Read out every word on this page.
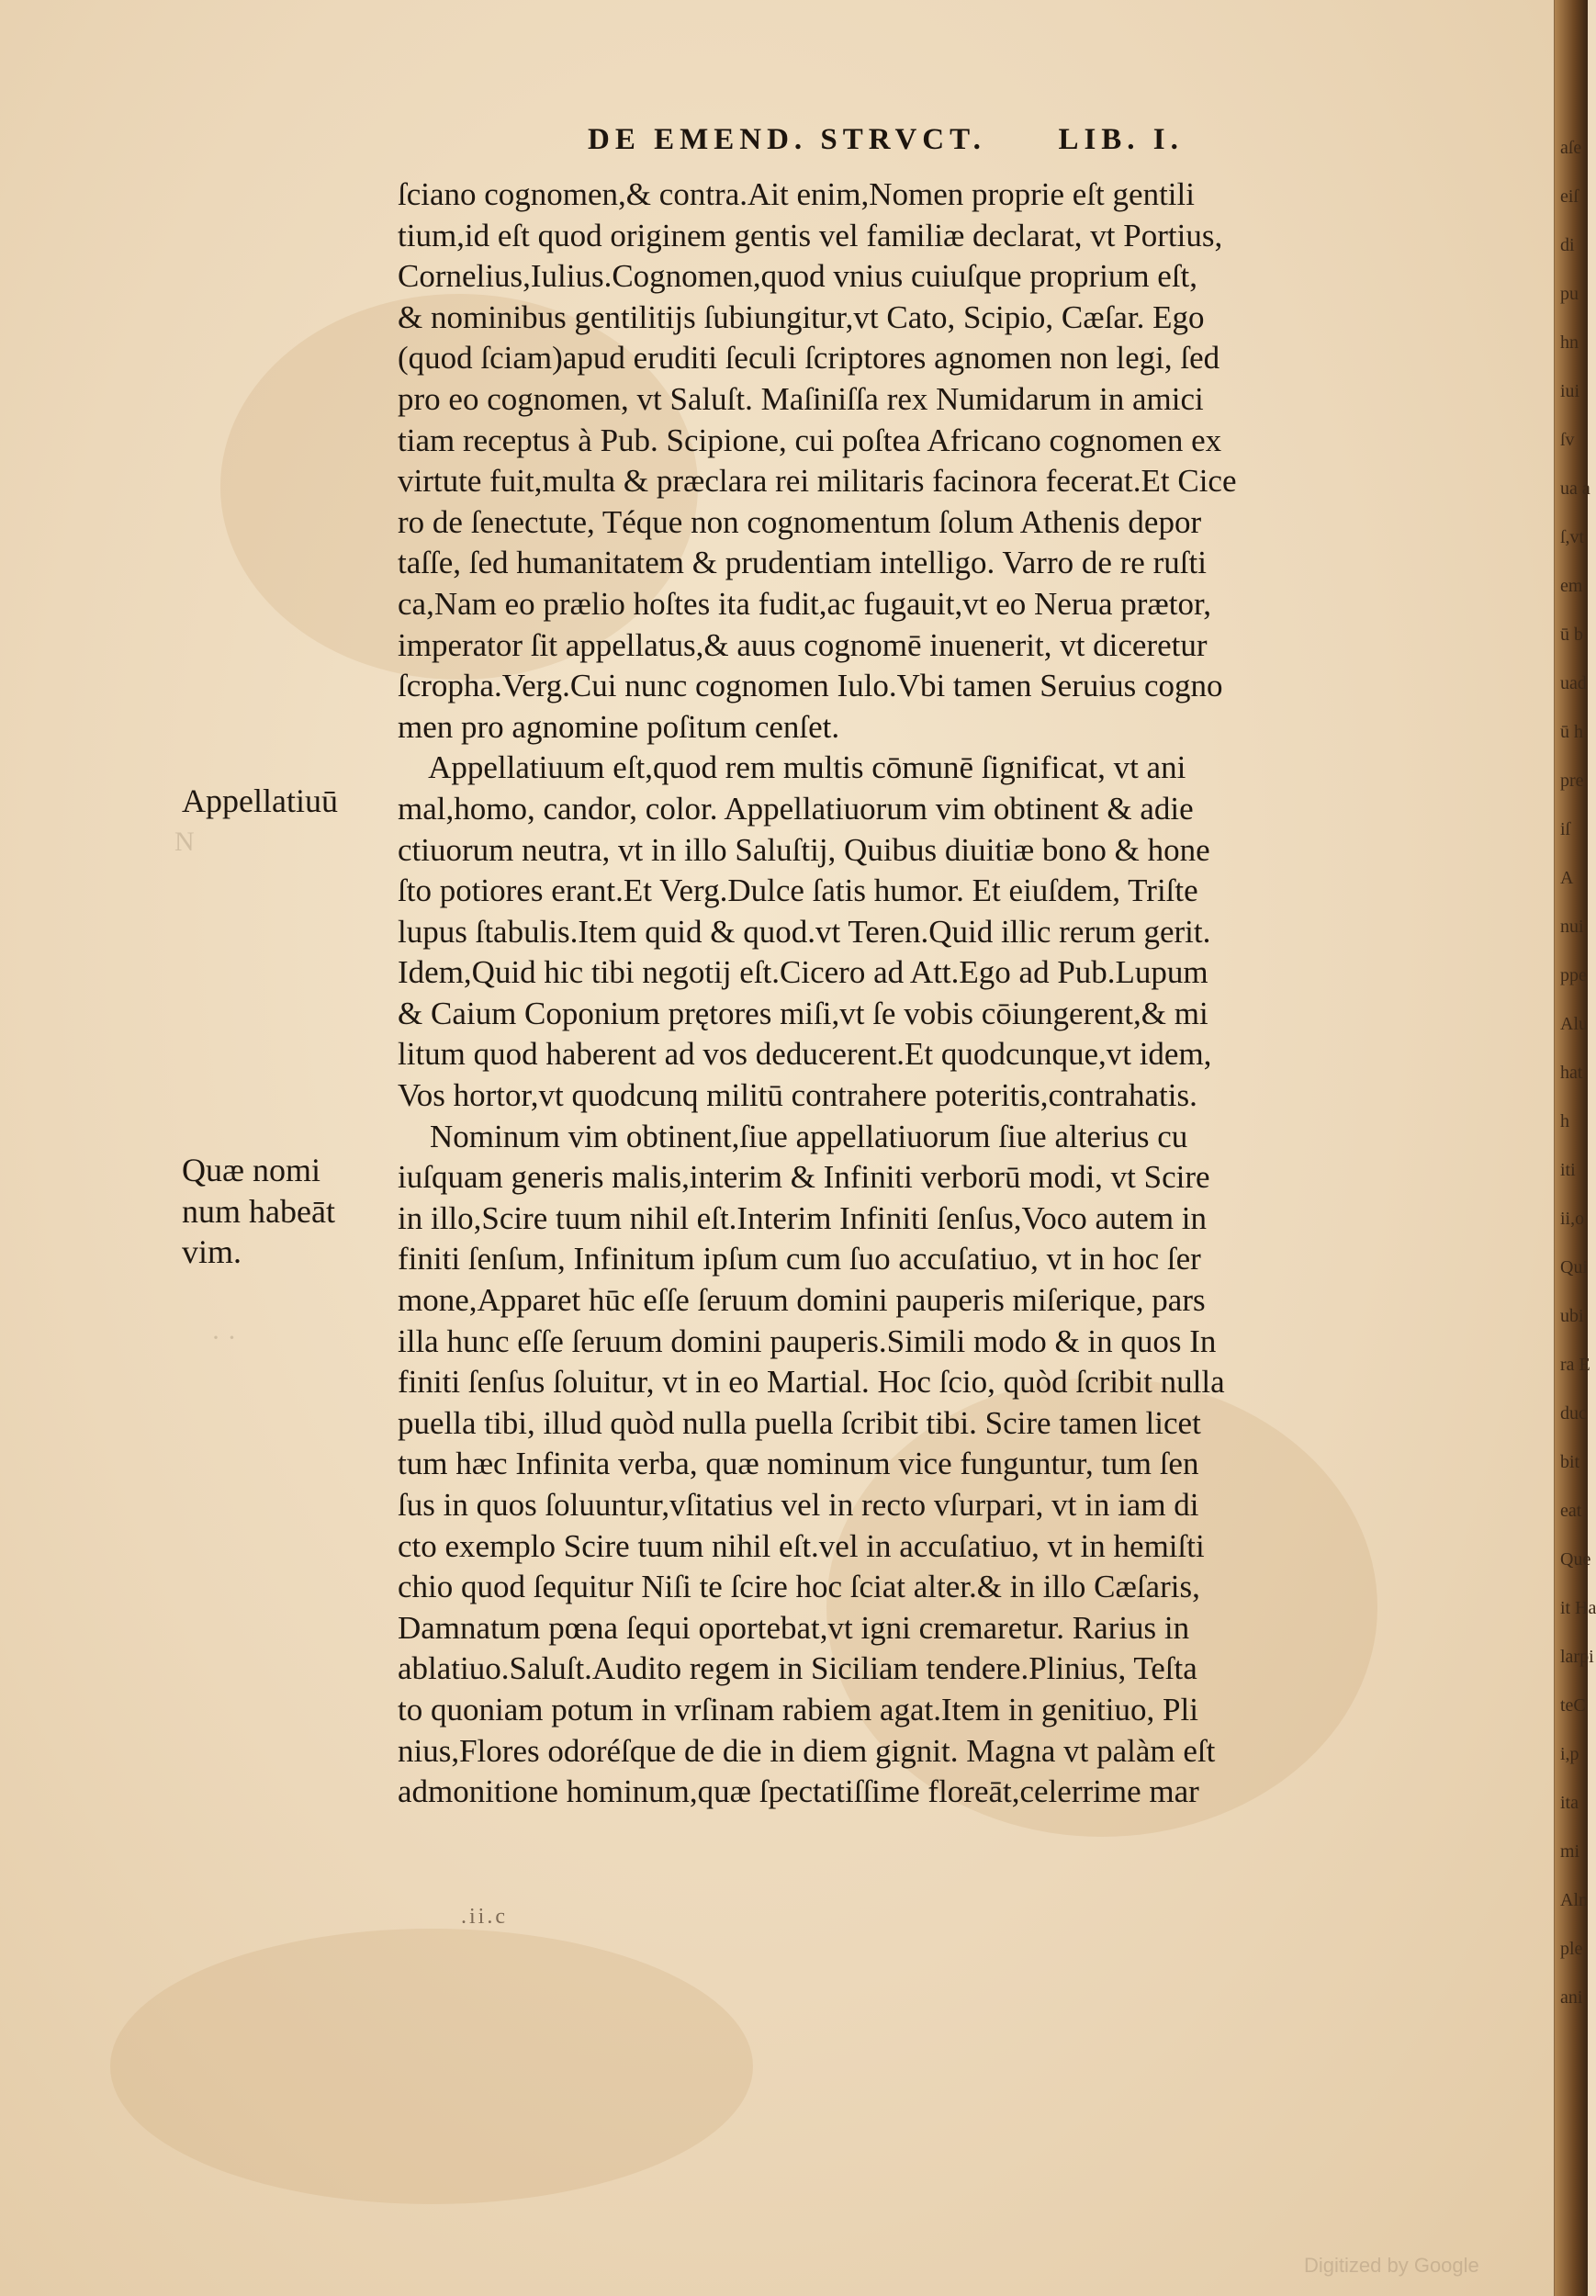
aſe
eiſ
di
pu
hn
iui
ſv
ua a
ſ,vt
em
ū b
uad
ū h
pre
iſ
A
nui
ppe
Alu
hat
h
iti
ii,o
Qui
ubi
ra E
duc
bit
eat
Que
it Ha
larpi
teC
i,p
ita
mi
Aln
ple
ani
N
· ·
DE EMEND. STRVCT. LIB. I.
ſciano cognomen,& contra.Ait enim,Nomen proprie eſt gentili
tium,id eſt quod originem gentis vel familiæ declarat, vt Portius,
Cornelius,Iulius.Cognomen,quod vnius cuiuſque proprium eſt,
& nominibus gentilitijs ſubiungitur,vt Cato, Scipio, Cæſar. Ego
(quod ſciam)apud eruditi ſeculi ſcriptores agnomen non legi, ſed
pro eo cognomen, vt Saluſt. Maſiniſſa rex Numidarum in amici
tiam receptus à Pub. Scipione, cui poſtea Africano cognomen ex
virtute fuit,multa & præclara rei militaris facinora fecerat.Et Cice
ro de ſenectute, Téque non cognomentum ſolum Athenis depor
taſſe, ſed humanitatem & prudentiam intelligo. Varro de re ruſti
ca,Nam eo prælio hoſtes ita fudit,ac fugauit,vt eo Nerua prætor,
imperator ſit appellatus,& auus cognomē inuenerit, vt diceretur
ſcropha.Verg.Cui nunc cognomen Iulo.Vbi tamen Seruius cogno
men pro agnomine poſitum cenſet.
Appellatiuum eſt,quod rem multis cōmunē ſignificat, vt ani
mal,homo, candor, color. Appellatiuorum vim obtinent & adie
ctiuorum neutra, vt in illo Saluſtij, Quibus diuitiæ bono & hone
ſto potiores erant.Et Verg.Dulce ſatis humor. Et eiuſdem, Triſte
lupus ſtabulis.Item quid & quod.vt Teren.Quid illic rerum gerit.
Idem,Quid hic tibi negotij eſt.Cicero ad Att.Ego ad Pub.Lupum
& Caium Coponium prętores miſi,vt ſe vobis cōiungerent,& mi
litum quod haberent ad vos deducerent.Et quodcunque,vt idem,
Vos hortor,vt quodcunq militū contrahere poteritis,contrahatis.
Nominum vim obtinent,ſiue appellatiuorum ſiue alterius cu
iuſquam generis malis,interim & Infiniti verborū modi, vt Scire
in illo,Scire tuum nihil eſt.Interim Infiniti ſenſus,Voco autem in
finiti ſenſum, Infinitum ipſum cum ſuo accuſatiuo, vt in hoc ſer
mone,Apparet hūc eſſe ſeruum domini pauperis miſerique, pars
illa hunc eſſe ſeruum domini pauperis.Simili modo & in quos In
finiti ſenſus ſoluitur, vt in eo Martial. Hoc ſcio, quòd ſcribit nulla
puella tibi, illud quòd nulla puella ſcribit tibi. Scire tamen licet
tum hæc Infinita verba, quæ nominum vice funguntur, tum ſen
ſus in quos ſoluuntur,vſitatius vel in recto vſurpari, vt in iam di
cto exemplo Scire tuum nihil eſt.vel in accuſatiuo, vt in hemiſti
chio quod ſequitur Niſi te ſcire hoc ſciat alter.& in illo Cæſaris,
Damnatum pœna ſequi oportebat,vt igni cremaretur. Rarius in
ablatiuo.Saluſt.Audito regem in Siciliam tendere.Plinius, Teſta
to quoniam potum in vrſinam rabiem agat.Item in genitiuo, Pli
nius,Flores odoréſque de die in diem gignit. Magna vt palàm eſt
admonitione hominum,quæ ſpectatiſſime floreāt,celerrime mar
Appellatiuū
Quæ nomi
num habeāt
vim.
.ii.c
Digitized by Google
